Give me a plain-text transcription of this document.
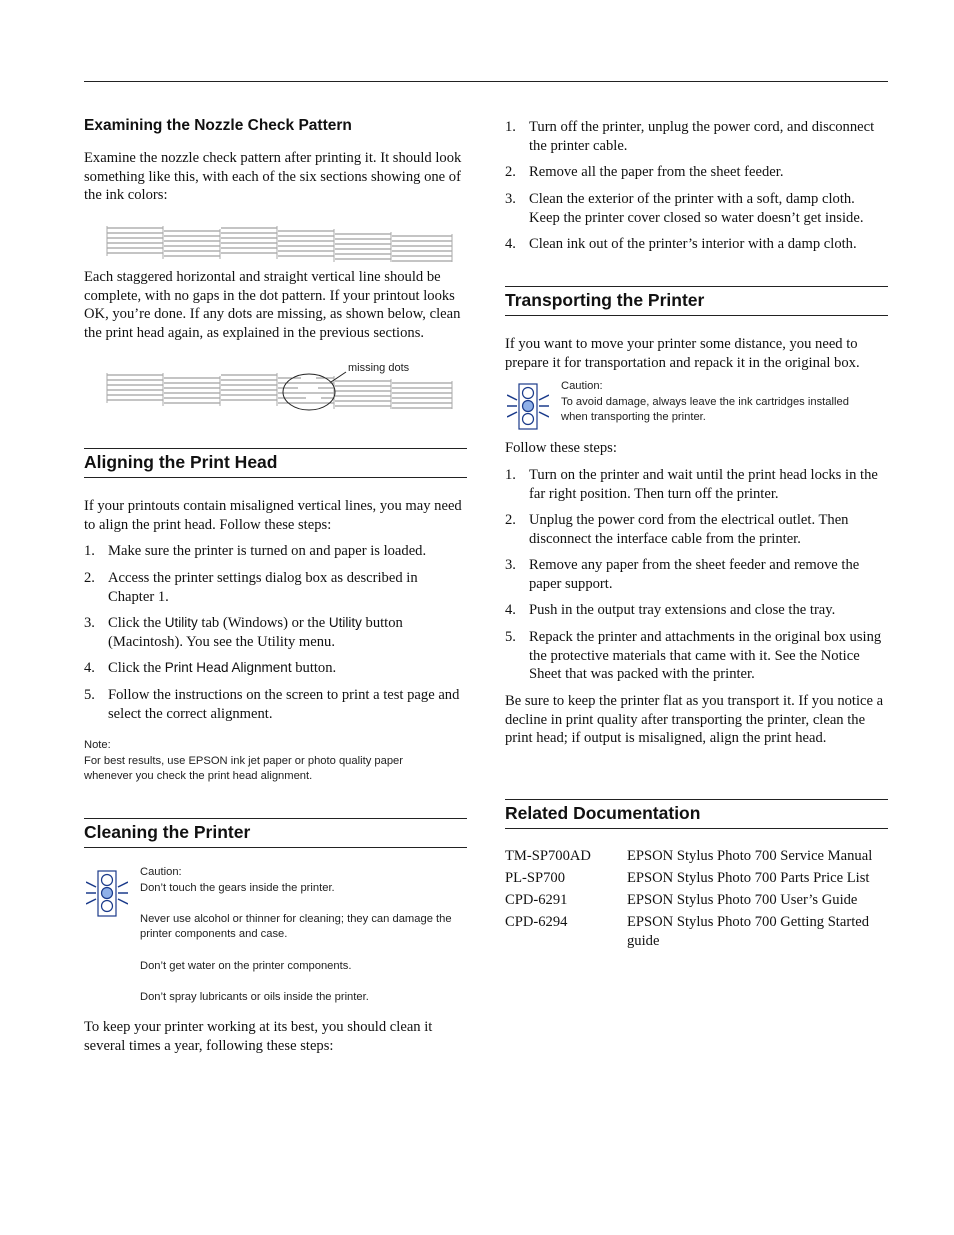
Examining the Nozzle Check Pattern

Examine the nozzle check pattern after printing it. It should look something like this, with each of the six sections showing one of the ink colors:

Each staggered horizontal and straight vertical line should be complete, with no gaps in the dot pattern. If your printout looks OK, you’re done. If any dots are missing, as shown below, clean the print head again, as explained in the previous sections.

missing dots
Aligning the Print Head

If your printouts contain misaligned vertical lines, you may need to align the print head. Follow these steps:

1. Make sure the printer is turned on and paper is loaded.
2. Access the printer settings dialog box as described in Chapter 1.
3. Click the Utility tab (Windows) or the Utility button (Macintosh). You see the Utility menu.
4. Click the Print Head Alignment button.
5. Follow the instructions on the screen to print a test page and select the correct alignment.
Note:
For best results, use EPSON ink jet paper or photo quality paper whenever you check the print head alignment.
Cleaning the Printer
Caution:
Don’t touch the gears inside the printer.
Never use alcohol or thinner for cleaning; they can damage the printer components and case.
Don’t get water on the printer components.
Don’t spray lubricants or oils inside the printer.

To keep your printer working at its best, you should clean it several times a year, following these steps:

1. Turn off the printer, unplug the power cord, and disconnect the printer cable.
2. Remove all the paper from the sheet feeder.
3. Clean the exterior of the printer with a soft, damp cloth. Keep the printer cover closed so water doesn’t get inside.
4. Clean ink out of the printer’s interior with a damp cloth.
Transporting the Printer

If you want to move your printer some distance, you need to prepare it for transportation and repack it in the original box.

Caution:
To avoid damage, always leave the ink cartridges installed when transporting the printer.

Follow these steps:

1. Turn on the printer and wait until the print head locks in the far right position. Then turn off the printer.
2. Unplug the power cord from the electrical outlet. Then disconnect the interface cable from the printer.
3. Remove any paper from the sheet feeder and remove the paper support.
4. Push in the output tray extensions and close the tray.
5. Repack the printer and attachments in the original box using the protective materials that came with it. See the Notice Sheet that was packed with the printer.

Be sure to keep the printer flat as you transport it. If you notice a decline in print quality after transporting the printer, clean the print head; if output is misaligned, align the print head.

Related Documentation
TM-SP700AD EPSON Stylus Photo 700 Service Manual
PL-SP700	EPSON Stylus Photo 700 Parts Price List
CPD-6291	EPSON Stylus Photo 700 User’s Guide
CPD-6294	EPSON Stylus Photo 700 Getting Started guide
